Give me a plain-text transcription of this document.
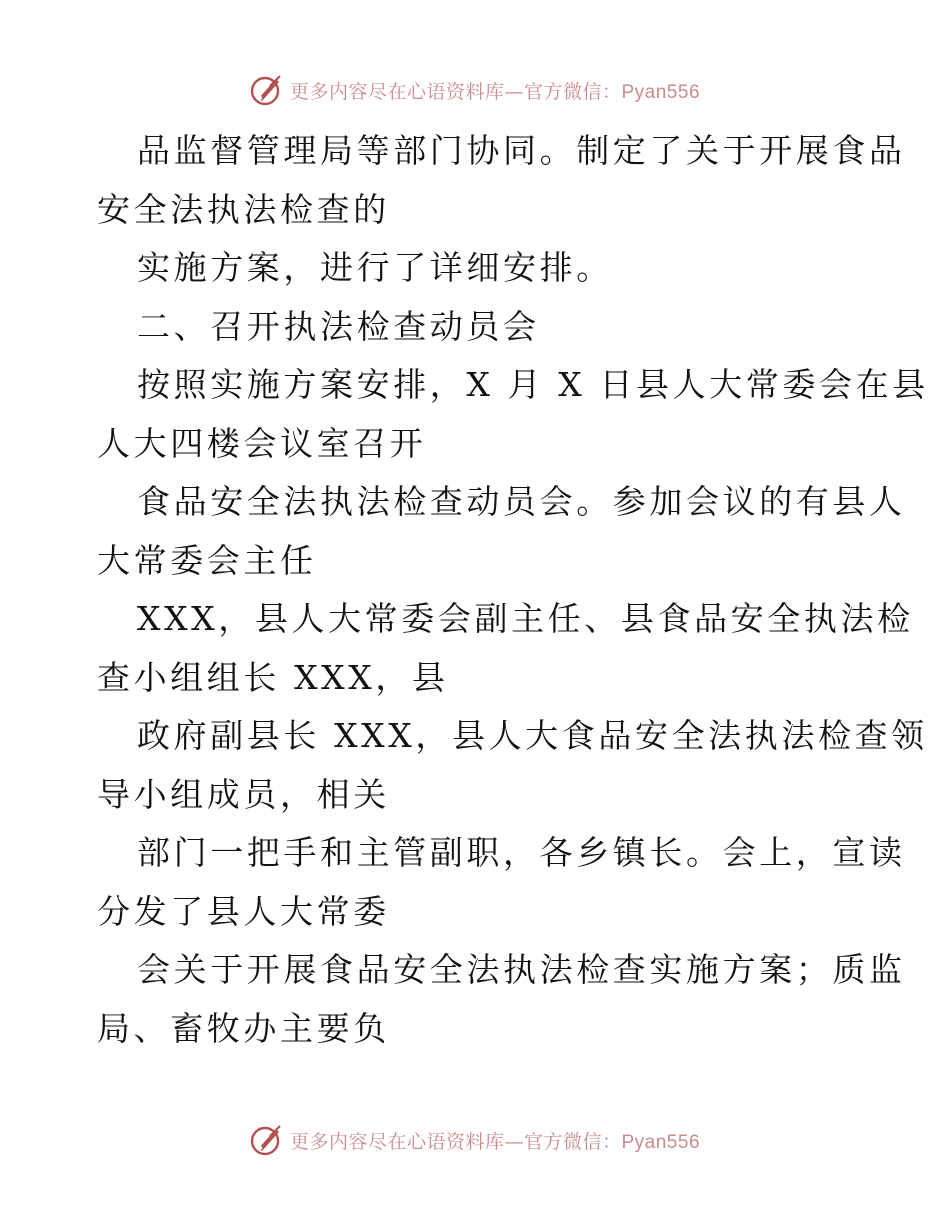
更多内容尽在心语资料库—官方微信：Pyan556
品监督管理局等部门协同。制定了关于开展食品
安全法执法检查的
实施方案，进行了详细安排。
二、召开执法检查动员会
按照实施方案安排，X 月 X 日县人大常委会在县
人大四楼会议室召开
食品安全法执法检查动员会。参加会议的有县人
大常委会主任
XXX，县人大常委会副主任、县食品安全执法检
查小组组长 XXX，县
政府副县长 XXX，县人大食品安全法执法检查领
导小组成员，相关
部门一把手和主管副职，各乡镇长。会上，宣读
分发了县人大常委
会关于开展食品安全法执法检查实施方案；质监
局、畜牧办主要负
更多内容尽在心语资料库—官方微信：Pyan556
